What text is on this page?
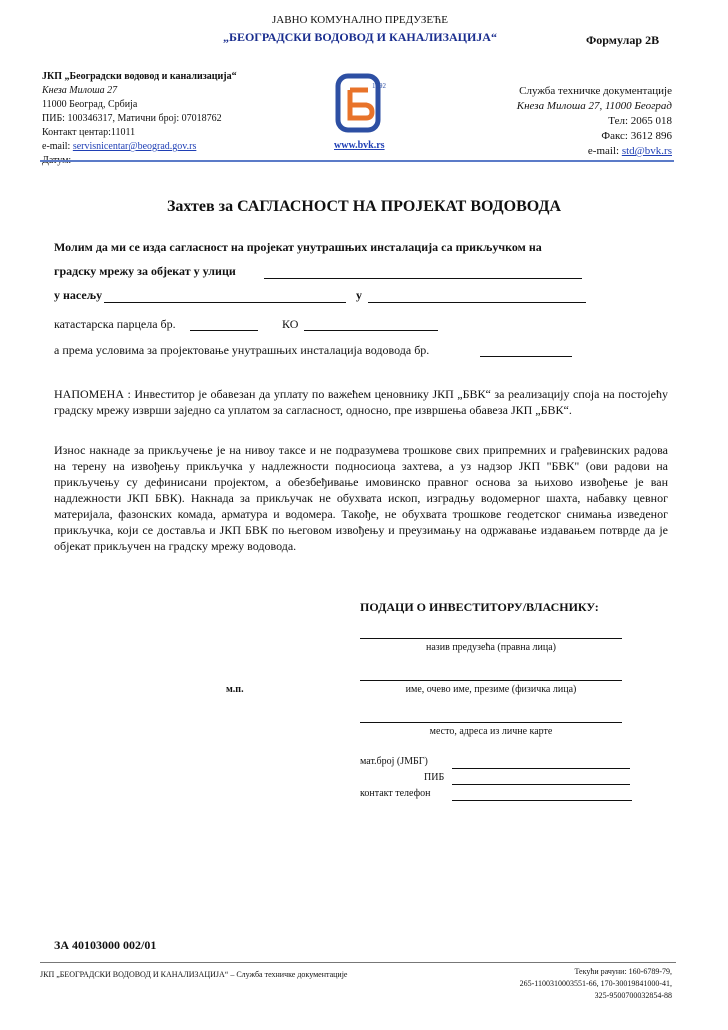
ЈАВНО КОМУНАЛНО ПРЕДУЗЕЋЕ
„БЕОГРАДСКИ ВОДОВОД И КАНАЛИЗАЦИЈА“	Формулар 2В
ЈКП „Београдски водовод и канализација“
Кнеза Милоша 27
11000 Београд, Србија
ПИБ: 100346317, Матични број: 07018762
Контакт центар:11011
e-mail: servisnicentar@beograd.gov.rs
Датум:
1892
www.bvk.rs
Служба техничке документације
Кнеза Милоша 27, 11000 Београд
Тел: 2065 018
Факс: 3612 896
e-mail: std@bvk.rs
Захтев за САГЛАСНОСТ НА ПРОЈЕКАТ ВОДОВОДА
Молим да ми се изда сагласност на пројекат унутрашњих инсталација са прикључком на
градску мрежу за објекат у улици
у насељу	у
катастарска парцела бр.	КО
а према условима за пројектовање унутрашњих инсталација водовода бр.
НАПОМЕНА : Инвеститор је обавезан да уплату по важећем ценовнику ЈКП „БВК“ за реализацију споја на постојећу градску мрежу изврши заједно са уплатом за сагласност, односно, пре извршења обавеза ЈКП „БВК“.
Износ накнаде за прикључење је на нивоу таксе и не подразумева трошкове свих припремних и грађевинских радова на терену на извођењу прикључка у надлежности подносиоца захтева, а уз надзор ЈКП "БВК" (ови радови на прикључењу су дефинисани пројектом, а обезбеђивање имовинско правног основа за њихово извођење је ван надлежности ЈКП БВК). Накнада за прикључак не обухвата ископ, изградњу водомерног шахта, набавку цевног материјала, фазонских комада, арматура и водомера. Такође, не обухвата трошкове геодетског снимања изведеног прикључка, који се доставља и ЈКП БВК по његовом извођењу и преузимању на одржавање издавањем потврде да је објекат прикључен на градску мрежу водовода.
ПОДАЦИ О ИНВЕСТИТОРУ/ВЛАСНИКУ:
назив предузећа (правна лица)
име, очево име, презиме (физичка лица)
м.п.
место, адреса из личне карте
мат.број (ЈМБГ)
ПИБ
контакт телефон
ЗА 40103000 002/01
ЈКП „БЕОГРАДСКИ ВОДОВОД И КАНАЛИЗАЦИЈА“ – Служба техничке документације	Текући рачуни: 160-6789-79,
265-1100310003551-66, 170-30019841000-41,
325-9500700032854-88
